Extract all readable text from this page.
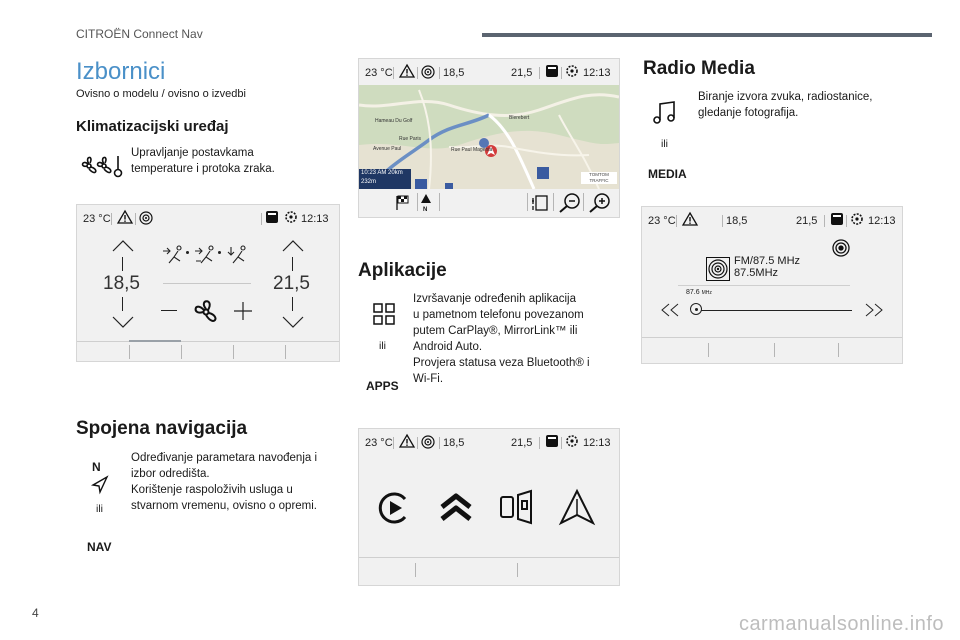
CITROËN Connect Nav
Izbornici
Ovisno o modelu / ovisno o izvedbi
Klimatizacijski uređaj
Upravljanje postavkama
temperature i protoka zraka.
23 °C	12:13
18,5	21,5
Spojena navigacija
N
ili
NAV
Određivanje parametara navođenja i
izbor odredišta.
Korištenje raspoloživih usluga u
stvarnom vremenu, ovisno o opremi.
23 °C	18,5	21,5	12:13
Hameau Du Golf
Rue Paris
Avenue Paul	Rue Paul Magenta
Blerebert
10:23 AM 20km
232m
TOMTOM TRAFFIC
N
Aplikacije
ili
APPS
Izvršavanje određenih aplikacija
u pametnom telefonu povezanom
putem CarPlay®, MirrorLink™ ili
Android Auto.
Provjera statusa veza Bluetooth® i
Wi-Fi.
23 °C	18,5	21,5	12:13
Radio Media
ili
MEDIA
Biranje izvora zvuka, radiostanice,
gledanje fotografija.
23 °C	18,5	21,5	12:13
FM/87.5 MHz
87.5MHz
87.6 MHz
4	carmanualsonline.info
